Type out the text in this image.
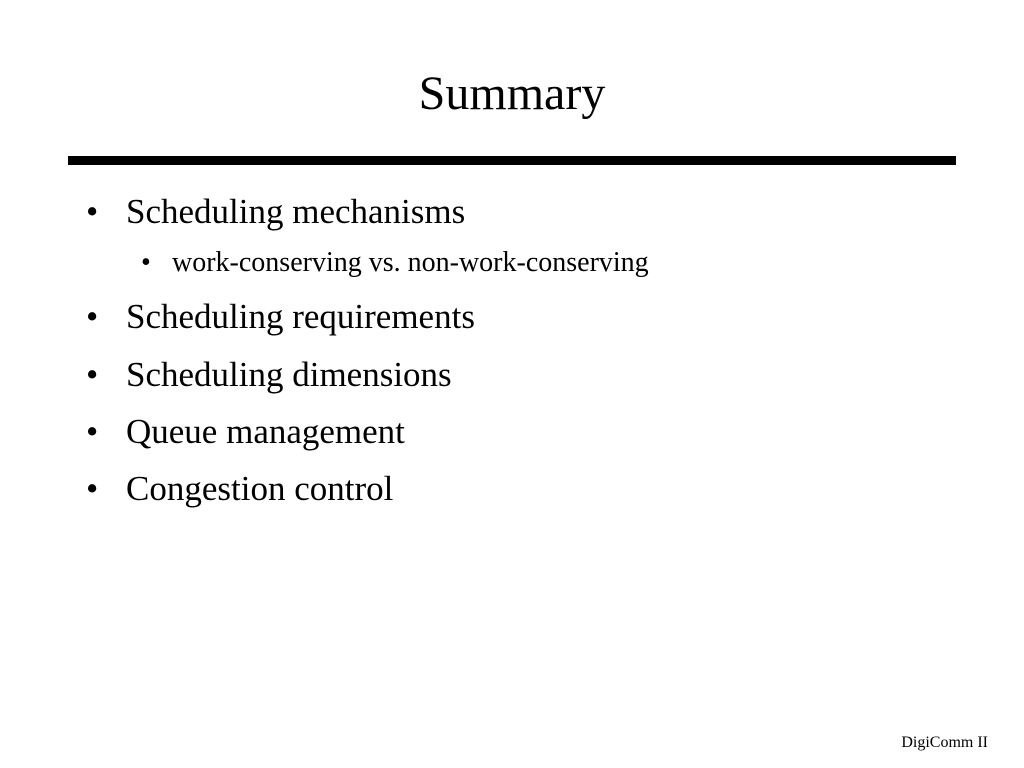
Summary
• Scheduling mechanisms
• work-conserving vs. non-work-conserving
• Scheduling requirements
• Scheduling dimensions
• Queue management
• Congestion control
DigiComm II
